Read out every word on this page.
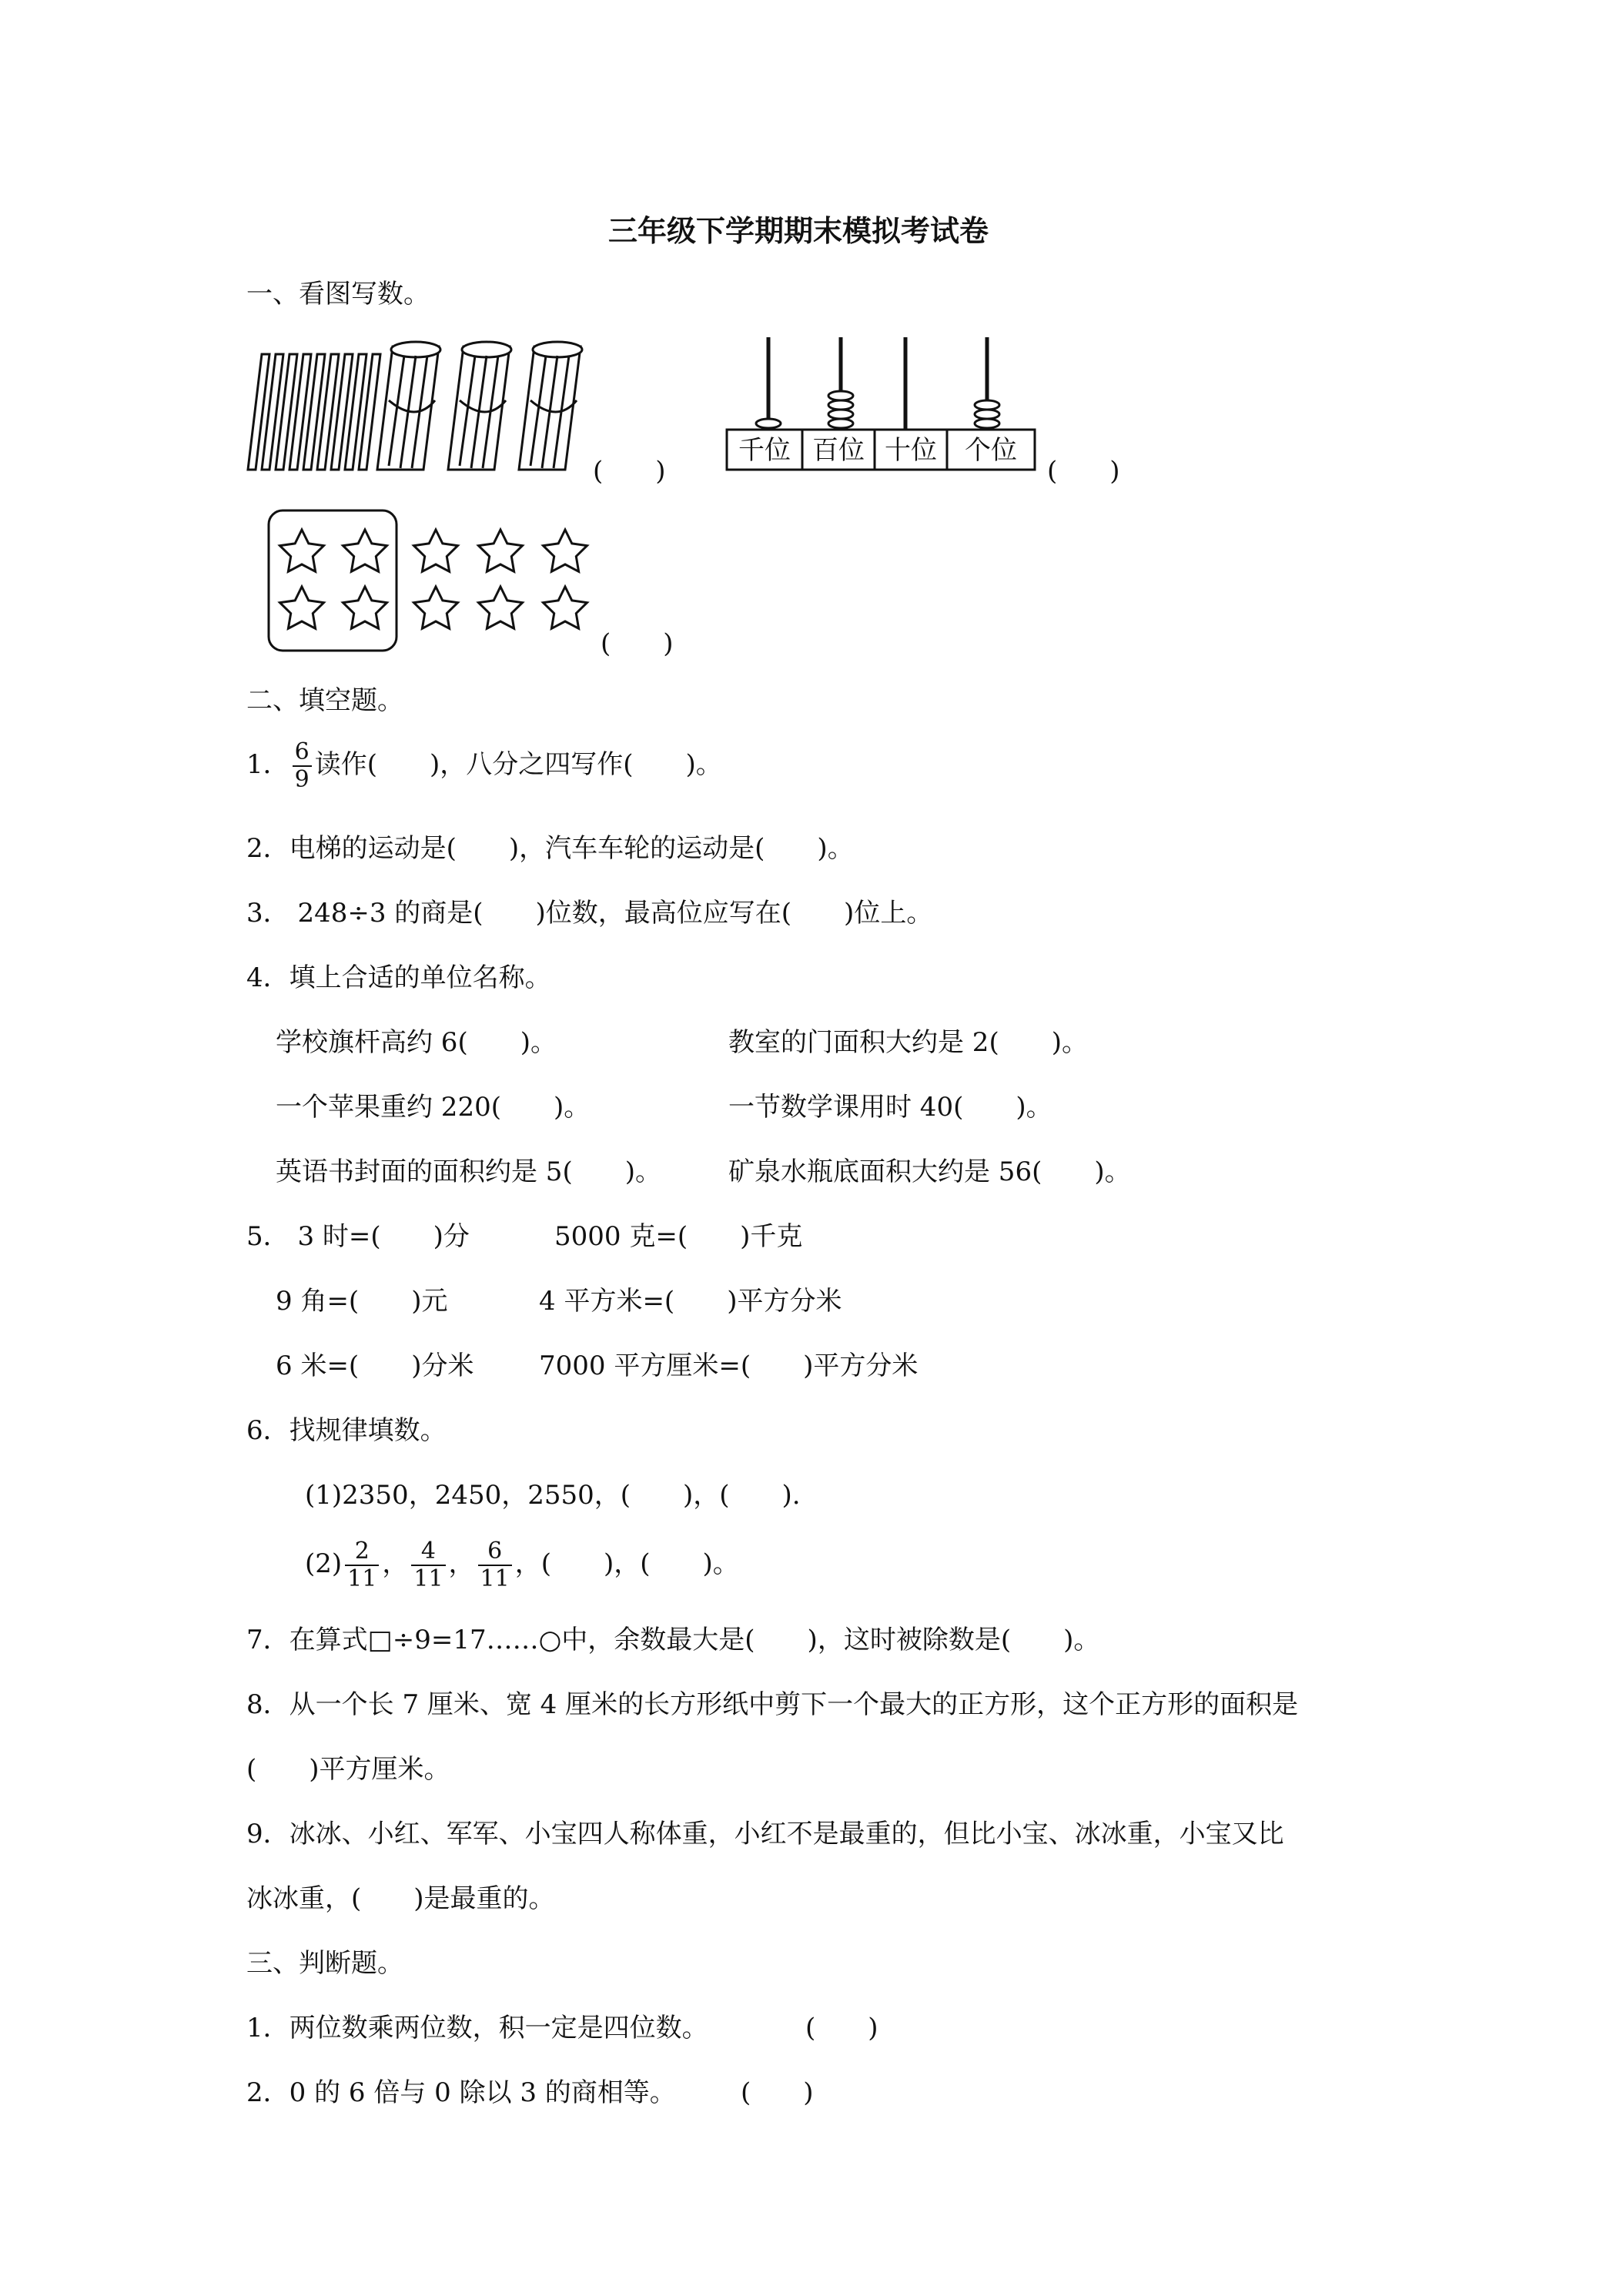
三年级下学期期末模拟考试卷
一、看图写数。
(　　)
千位 百位 十位 个位
(　　)
(　　)
二、填空题。
1． $\frac{6}{9}$ 读作(　　)，八分之四写作(　　)。
2．电梯的运动是(　　)，汽车车轮的运动是(　　)。
3． 248÷3 的商是(　　)位数，最高位应写在(　　)位上。
4．填上合适的单位名称。
学校旗杆高约 6(　　)。	教室的门面积大约是 2(　　)。
一个苹果重约 220(　　)。	一节数学课用时 40(　　)。
英语书封面的面积约是 5(　　)。	矿泉水瓶底面积大约是 56(　　)。
5． 3 时=(　　)分	5000 克=(　　)千克
9 角=(　　)元	4 平方米=(　　)平方分米
6 米=(　　)分米 7000 平方厘米=(　　)平方分米
6．找规律填数。
(1)2350，2450，2550，(　　)，(　　).
$(2) \frac{2}{11}$ ， $\frac{4}{11}$ ， $\frac{6}{11}$ ，(　　)，(　　)。
7．在算式□÷9=17……○中，余数最大是(　　)，这时被除数是(　　)。
8．从一个长 7 厘米、宽 4 厘米的长方形纸中剪下一个最大的正方形，这个正方形的面积是
(　　)平方厘米。
9．冰冰、小红、军军、小宝四人称体重，小红不是最重的，但比小宝、冰冰重，小宝又比
冰冰重，(　　)是最重的。
三、判断题。
1．两位数乘两位数，积一定是四位数。	(　　)
2．0 的 6 倍与 0 除以 3 的商相等。 (　　)
